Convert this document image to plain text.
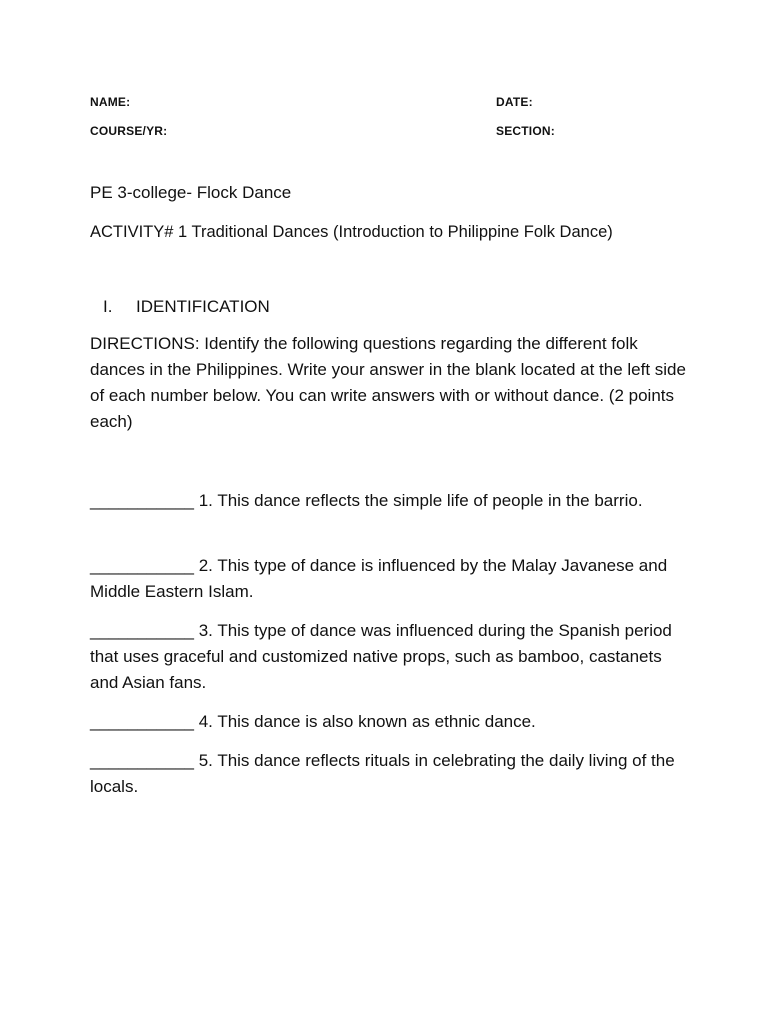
NAME:	DATE:
COURSE/YR:	SECTION:
PE 3-college- Flock Dance
ACTIVITY# 1 Traditional Dances (Introduction to Philippine Folk Dance)
I. IDENTIFICATION
DIRECTIONS: Identify the following questions regarding the different folk dances in the Philippines. Write your answer in the blank located at the left side of each number below. You can write answers with or without dance. (2 points each)
___________ 1. This dance reflects the simple life of people in the barrio.
___________ 2. This type of dance is influenced by the Malay Javanese and Middle Eastern Islam.
___________ 3. This type of dance was influenced during the Spanish period that uses graceful and customized native props, such as bamboo, castanets and Asian fans.
___________ 4. This dance is also known as ethnic dance.
___________ 5. This dance reflects rituals in celebrating the daily living of the locals.
